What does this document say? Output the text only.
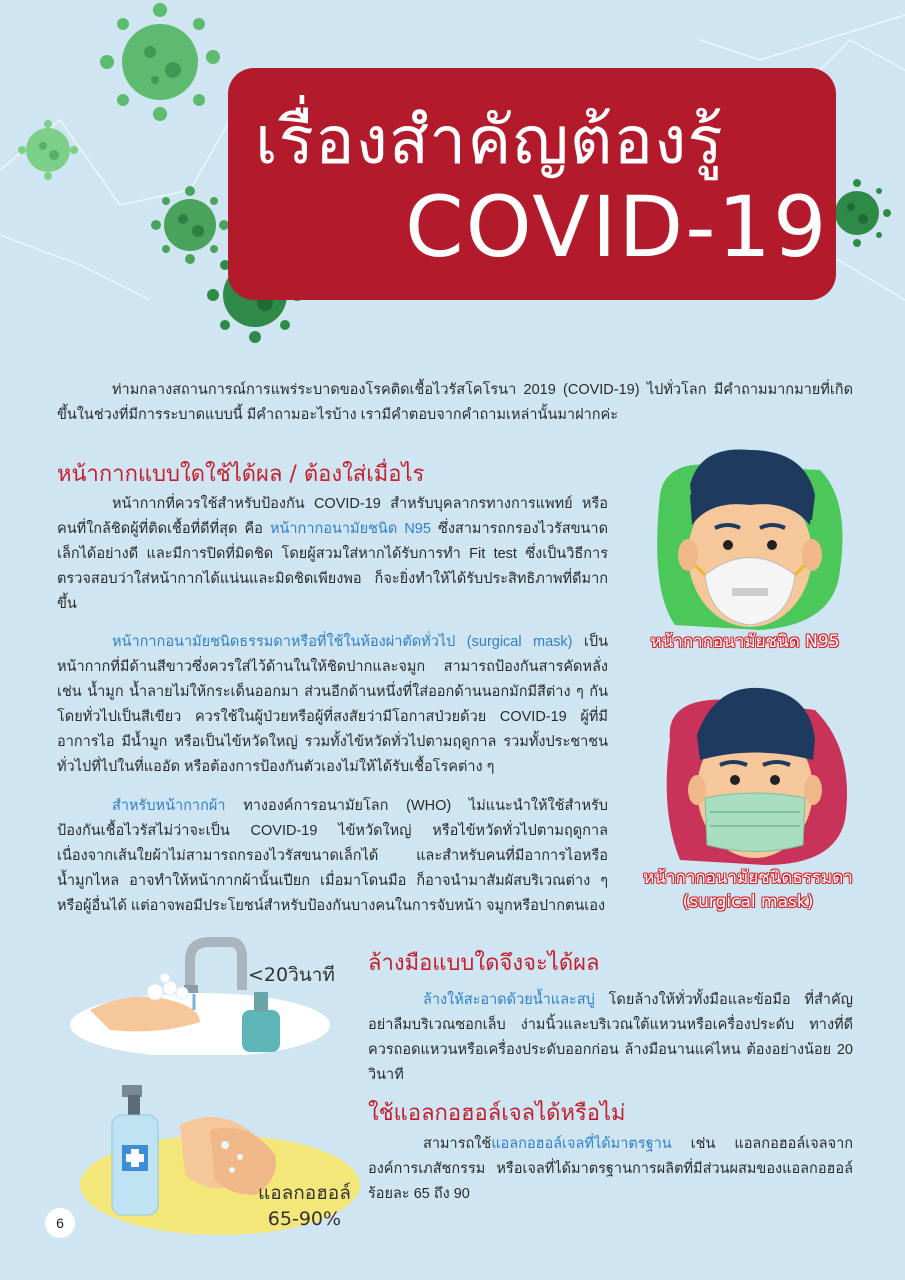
เรื่องสำคัญต้องรู้
COVID-19
ท่ามกลางสถานการณ์การแพร่ระบาดของโรคติดเชื้อไวรัสโคโรนา 2019 (COVID-19) ไปทั่วโลก มีคำถามมากมายที่เกิดขึ้นในช่วงที่มีการระบาดแบบนี้ มีคำถามอะไรบ้าง เรามีคำตอบจากคำถามเหล่านั้นมาฝากค่ะ
หน้ากากแบบใดใช้ได้ผล / ต้องใส่เมื่อไร
หน้ากากที่ควรใช้สำหรับป้องกัน COVID-19 สำหรับบุคลากรทางการแพทย์ หรือคนที่ใกล้ชิดผู้ที่ติดเชื้อที่ดีที่สุด คือ หน้ากากอนามัยชนิด N95 ซึ่งสามารถกรองไวรัสขนาดเล็กได้อย่างดี และมีการปิดที่มิดชิด โดยผู้สวมใส่หากได้รับการทำ Fit test ซึ่งเป็นวิธีการตรวจสอบว่าใส่หน้ากากได้แน่นและมิดชิดเพียงพอ ก็จะยิ่งทำให้ได้รับประสิทธิภาพที่ดีมากขึ้น
หน้ากากอนามัยชนิดธรรมดาหรือที่ใช้ในห้องผ่าตัดทั่วไป (surgical mask) เป็นหน้ากากที่มีด้านสีขาวซึ่งควรใส่ไว้ด้านในให้ชิดปากและจมูก สามารถป้องกันสารคัดหลั่ง เช่น น้ำมูก น้ำลายไม่ให้กระเด็นออกมา ส่วนอีกด้านหนึ่งที่ใส่ออกด้านนอกมักมีสีต่าง ๆ กัน โดยทั่วไปเป็นสีเขียว ควรใช้ในผู้ป่วยหรือผู้ที่สงสัยว่ามีโอกาสป่วยด้วย COVID-19 ผู้ที่มีอาการไอ มีน้ำมูก หรือเป็นไข้หวัดใหญ่ รวมทั้งไข้หวัดทั่วไปตามฤดูกาล รวมทั้งประชาชนทั่วไปที่ไปในที่แออัด หรือต้องการป้องกันตัวเองไม่ให้ได้รับเชื้อโรคต่าง ๆ
สำหรับหน้ากากผ้า ทางองค์การอนามัยโลก (WHO) ไม่แนะนำให้ใช้สำหรับป้องกันเชื้อไวรัสไม่ว่าจะเป็น COVID-19 ไข้หวัดใหญ่ หรือไข้หวัดทั่วไปตามฤดูกาล เนื่องจากเส้นใยผ้าไม่สามารถกรองไวรัสขนาดเล็กได้ และสำหรับคนที่มีอาการไอหรือน้ำมูกไหล อาจทำให้หน้ากากผ้านั้นเปียก เมื่อมาโดนมือ ก็อาจนำมาสัมผัสบริเวณต่าง ๆ หรือผู้อื่นได้ แต่อาจพอมีประโยชน์สำหรับป้องกันบางคนในการจับหน้า จมูกหรือปากตนเอง
หน้ากากอนามัยชนิด N95
หน้ากากอนามัยชนิดธรรมดา
(surgical mask)
<20วินาที
แอลกอฮอล์
65-90%
ล้างมือแบบใดจึงจะได้ผล
ล้างให้สะอาดด้วยน้ำและสบู่ โดยล้างให้ทั่วทั้งมือและข้อมือ ที่สำคัญอย่าลืมบริเวณซอกเล็บ ง่ามนิ้วและบริเวณใต้แหวนหรือเครื่องประดับ ทางที่ดีควรถอดแหวนหรือเครื่องประดับออกก่อน ล้างมือนานแค่ไหน ต้องอย่างน้อย 20 วินาที
ใช้แอลกอฮอล์เจลได้หรือไม่
สามารถใช้แอลกอฮอล์เจลที่ได้มาตรฐาน เช่น แอลกอฮอล์เจลจากองค์การเภสัชกรรม หรือเจลที่ได้มาตรฐานการผลิตที่มีส่วนผสมของแอลกอฮอล์ร้อยละ 65 ถึง 90
6
